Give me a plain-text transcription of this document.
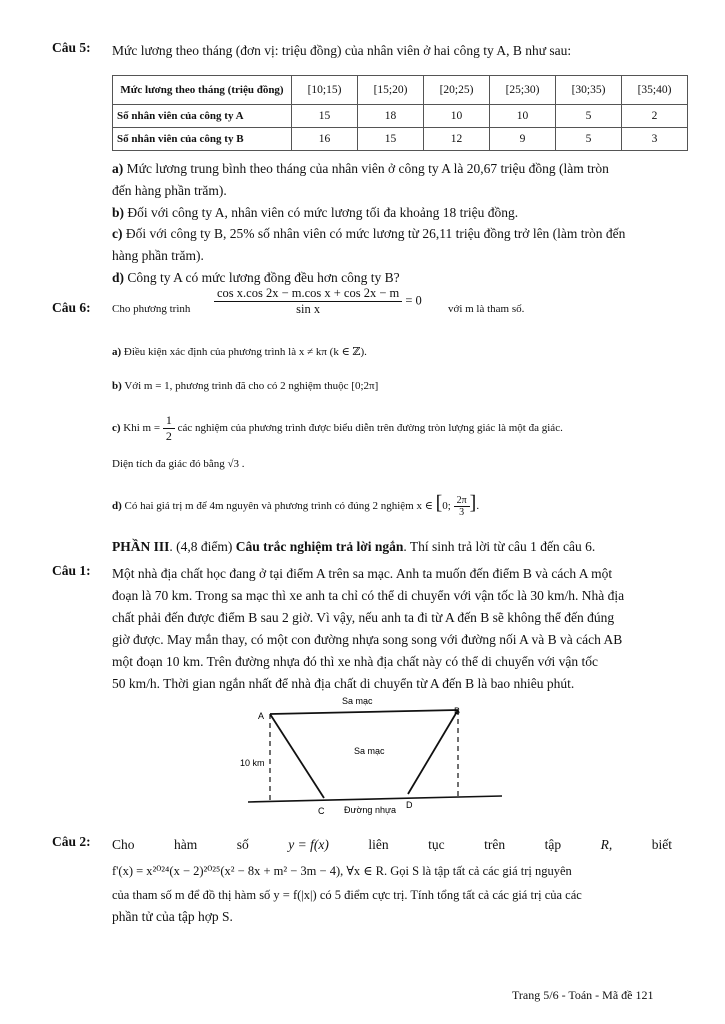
Câu 5: Mức lương theo tháng (đơn vị: triệu đồng) của nhân viên ở hai công ty A, B như sau:
Mức lương theo tháng (triệu đồng)	[10;15)	[15;20)	[20;25)	[25;30)	[30;35)	[35;40)
Số nhân viên của công ty A	15	18	10	10	5	2
Số nhân viên của công ty B	16	15	12	9	5	3
a) Mức lương trung bình theo tháng của nhân viên ở công ty A là 20,67 triệu đồng (làm tròn
đến hàng phần trăm).
b) Đối với công ty A, nhân viên có mức lương tối đa khoảng 18 triệu đồng.
c) Đối với công ty B, 25% số nhân viên có mức lương từ 26,11 triệu đồng trở lên (làm tròn đến
hàng phần trăm).
d) Công ty A có mức lương đồng đều hơn công ty B?
Câu 6: Cho phương trình $\frac{\text{cos x.cos 2x − m.cos x + cos 2x − m}}{\text{sin x}} = 0$
với m là tham số.
a) Điều kiện xác định của phương trình là x ≠ kπ (k ∈ ℤ).
b) Với m = 1, phương trình đã cho có 2 nghiệm thuộc [0;2π]
c) Khi $m = \frac{1}{2}$ các nghiệm của phương trình được biểu diễn trên đường tròn lượng giác là một đa giác.
Diện tích đa giác đó bằng √3 .
d) Có hai giá trị m để 4m nguyên và phương trình có đúng 2 nghiệm x ∈ [0; $\frac{2\pi}{3}$ ].
PHẦN III. (4,8 điểm) Câu trắc nghiệm trả lời ngắn. Thí sinh trả lời từ câu 1 đến câu 6.
Câu 1: Một nhà địa chất học đang ở tại điểm A trên sa mạc. Anh ta muốn đến điểm B và cách A một
đoạn là 70 km. Trong sa mạc thì xe anh ta chỉ có thể di chuyển với vận tốc là 30 km/h. Nhà địa
chất phải đến được điểm B sau 2 giờ. Vì vậy, nếu anh ta đi từ A đến B sẽ không thể đến đúng
giờ được. May mắn thay, có một con đường nhựa song song với đường nối A và B và cách AB
một đoạn 10 km. Trên đường nhựa đó thì xe nhà địa chất này có thể di chuyển với vận tốc
50 km/h. Thời gian ngắn nhất để nhà địa chất di chuyển từ A đến B là bao nhiêu phút.
Sa mạc
Sa mạc
10 km
Đường nhựa
A	B
C
D
Câu 2: Cho	hàm	số	y = f(x)	liên	tục	trên	tập	R,	biết
f'(x) = x²⁰²⁴(x − 2)²⁰²⁵(x² − 8x + m² − 3m − 4), ∀x ∈ R. Gọi S là tập tất cả các giá trị nguyên
của tham số m để đồ thị hàm số y = f(|x|) có 5 điểm cực trị. Tính tổng tất cả các giá trị của các
phần tử của tập hợp S.
Trang 5/6 - Toán - Mã đề 121
